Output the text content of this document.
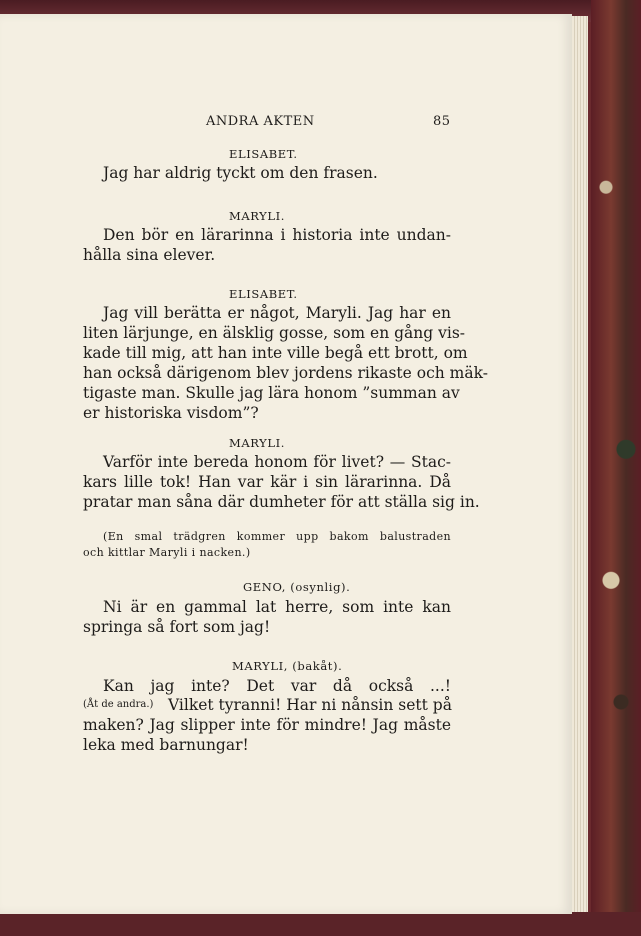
ANDRA AKTEN	85
ELISABET.
Jag har aldrig tyckt om den frasen.
MARYLI.
Den bör en lärarinna i historia inte undan-
hålla sina elever.
ELISABET.
Jag vill berätta er något, Maryli. Jag har en
liten lärjunge, en älsklig gosse, som en gång vis-
kade till mig, att han inte ville begå ett brott, om
han också därigenom blev jordens rikaste och mäk-
tigaste man. Skulle jag lära honom ”summan av
er historiska visdom”?
MARYLI.
Varför inte bereda honom för livet? — Stac-
kars lille tok! Han var kär i sin lärarinna. Då
pratar man såna där dumheter för att ställa sig in.
(En smal trädgren kommer upp bakom balustraden
och kittlar Maryli i nacken.)
GENO, (osynlig).
Ni är en gammal lat herre, som inte kan
springa så fort som jag!
MARYLI, (bakåt).
Kan jag inte? Det var då också ...!
(Åt de andra.) Vilket tyranni! Har ni nånsin sett på
maken? Jag slipper inte för mindre! Jag måste
leka med barnungar!
